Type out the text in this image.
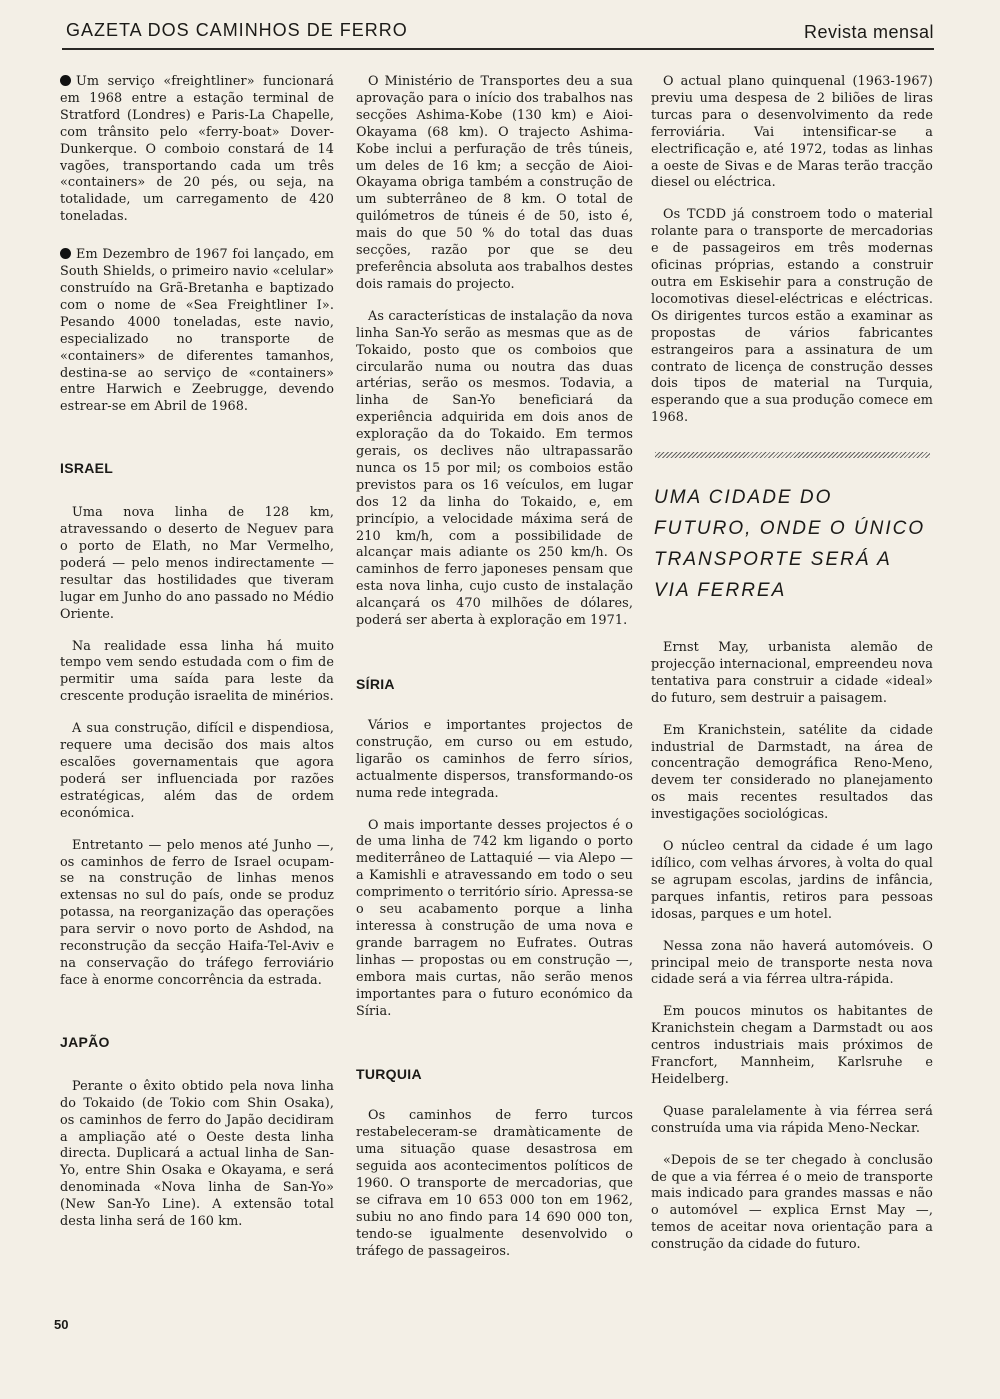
GAZETA DOS CAMINHOS DE FERRO	Revista mensal

Um serviço «freightliner» funcionará em 1968 entre a estação terminal de Stratford (Londres) e Paris-La Chapelle, com trânsito pelo «ferry-boat» Dover-Dunkerque. O comboio constará de 14 vagões, transportando cada um três «containers» de 20 pés, ou seja, na totalidade, um carregamento de 420 toneladas.

Em Dezembro de 1967 foi lançado, em South Shields, o primeiro navio «celular» construído na Grã-Bretanha e baptizado com o nome de «Sea Freightliner I». Pesando 4000 toneladas, este navio, especializado no transporte de «containers» de diferentes tamanhos, destina-se ao serviço de «containers» entre Harwich e Zeebrugge, devendo estrear-se em Abril de 1968.

ISRAEL

Uma nova linha de 128 km, atravessando o deserto de Neguev para o porto de Elath, no Mar Vermelho, poderá — pelo menos indirectamente — resultar das hostilidades que tiveram lugar em Junho do ano passado no Médio Oriente.

Na realidade essa linha há muito tempo vem sendo estudada com o fim de permitir uma saída para leste da crescente produção israelita de minérios.

A sua construção, difícil e dispendiosa, requere uma decisão dos mais altos escalões governamentais que agora poderá ser influenciada por razões estratégicas, além das de ordem económica.

Entretanto — pelo menos até Junho —, os caminhos de ferro de Israel ocupam-se na construção de linhas menos extensas no sul do país, onde se produz potassa, na reorganização das operações para servir o novo porto de Ashdod, na reconstrução da secção Haifa-Tel-Aviv e na conservação do tráfego ferroviário face à enorme concorrência da estrada.

JAPÃO

Perante o êxito obtido pela nova linha do Tokaido (de Tokio com Shin Osaka), os caminhos de ferro do Japão decidiram a ampliação até o Oeste desta linha directa. Duplicará a actual linha de San-Yo, entre Shin Osaka e Okayama, e será denominada «Nova linha de San-Yo» (New San-Yo Line). A extensão total desta linha será de 160 km.

O Ministério de Transportes deu a sua aprovação para o início dos trabalhos nas secções Ashima-Kobe (130 km) e Aioi-Okayama (68 km). O trajecto Ashima-Kobe inclui a perfuração de três túneis, um deles de 16 km; a secção de Aioi-Okayama obriga também a construção de um subterrâneo de 8 km. O total de quilómetros de túneis é de 50, isto é, mais do que 50 % do total das duas secções, razão por que se deu preferência absoluta aos trabalhos destes dois ramais do projecto.

As características de instalação da nova linha San-Yo serão as mesmas que as de Tokaido, posto que os comboios que circularão numa ou noutra das duas artérias, serão os mesmos. Todavia, a linha de San-Yo beneficiará da experiência adquirida em dois anos de exploração da do Tokaido. Em termos gerais, os declives não ultrapassarão nunca os 15 por mil; os comboios estão previstos para os 16 veículos, em lugar dos 12 da linha do Tokaido, e, em princípio, a velocidade máxima será de 210 km/h, com a possibilidade de alcançar mais adiante os 250 km/h. Os caminhos de ferro japoneses pensam que esta nova linha, cujo custo de instalação alcançará os 470 milhões de dólares, poderá ser aberta à exploração em 1971.

SÍRIA

Vários e importantes projectos de construção, em curso ou em estudo, ligarão os caminhos de ferro sírios, actualmente dispersos, transformando-os numa rede integrada.

O mais importante desses projectos é o de uma linha de 742 km ligando o porto mediterrâneo de Lattaquié — via Alepo — a Kamishli e atravessando em todo o seu comprimento o território sírio. Apressa-se o seu acabamento porque a linha interessa à construção de uma nova e grande barragem no Eufrates. Outras linhas — propostas ou em construção —, embora mais curtas, não serão menos importantes para o futuro económico da Síria.

TURQUIA

Os caminhos de ferro turcos restabeleceram-se dramàticamente de uma situação quase desastrosa em seguida aos acontecimentos políticos de 1960. O transporte de mercadorias, que se cifrava em 10 653 000 ton em 1962, subiu no ano findo para 14 690 000 ton, tendo-se igualmente desenvolvido o tráfego de passageiros.

O actual plano quinquenal (1963-1967) previu uma despesa de 2 biliões de liras turcas para o desenvolvimento da rede ferroviária. Vai intensificar-se a electrificação e, até 1972, todas as linhas a oeste de Sivas e de Maras terão tracção diesel ou eléctrica.

Os TCDD já constroem todo o material rolante para o transporte de mercadorias e de passageiros em três modernas oficinas próprias, estando a construir outra em Eskisehir para a construção de locomotivas diesel-eléctricas e eléctricas. Os dirigentes turcos estão a examinar as propostas de vários fabricantes estrangeiros para a assinatura de um contrato de licença de construção desses dois tipos de material na Turquia, esperando que a sua produção comece em 1968.

UMA CIDADE DO FUTURO, ONDE O ÚNICO TRANSPORTE SERÁ A VIA FERREA

Ernst May, urbanista alemão de projecção internacional, empreendeu nova tentativa para construir a cidade «ideal» do futuro, sem destruir a paisagem.

Em Kranichstein, satélite da cidade industrial de Darmstadt, na área de concentração demográfica Reno-Meno, devem ter considerado no planejamento os mais recentes resultados das investigações sociológicas.

O núcleo central da cidade é um lago idílico, com velhas árvores, à volta do qual se agrupam escolas, jardins de infância, parques infantis, retiros para pessoas idosas, parques e um hotel.

Nessa zona não haverá automóveis. O principal meio de transporte nesta nova cidade será a via férrea ultra-rápida.

Em poucos minutos os habitantes de Kranichstein chegam a Darmstadt ou aos centros industriais mais próximos de Francfort, Mannheim, Karlsruhe e Heidelberg.

Quase paralelamente à via férrea será construída uma via rápida Meno-Neckar.

«Depois de se ter chegado à conclusão de que a via férrea é o meio de transporte mais indicado para grandes massas e não o automóvel — explica Ernst May —, temos de aceitar nova orientação para a construção da cidade do futuro.

50
